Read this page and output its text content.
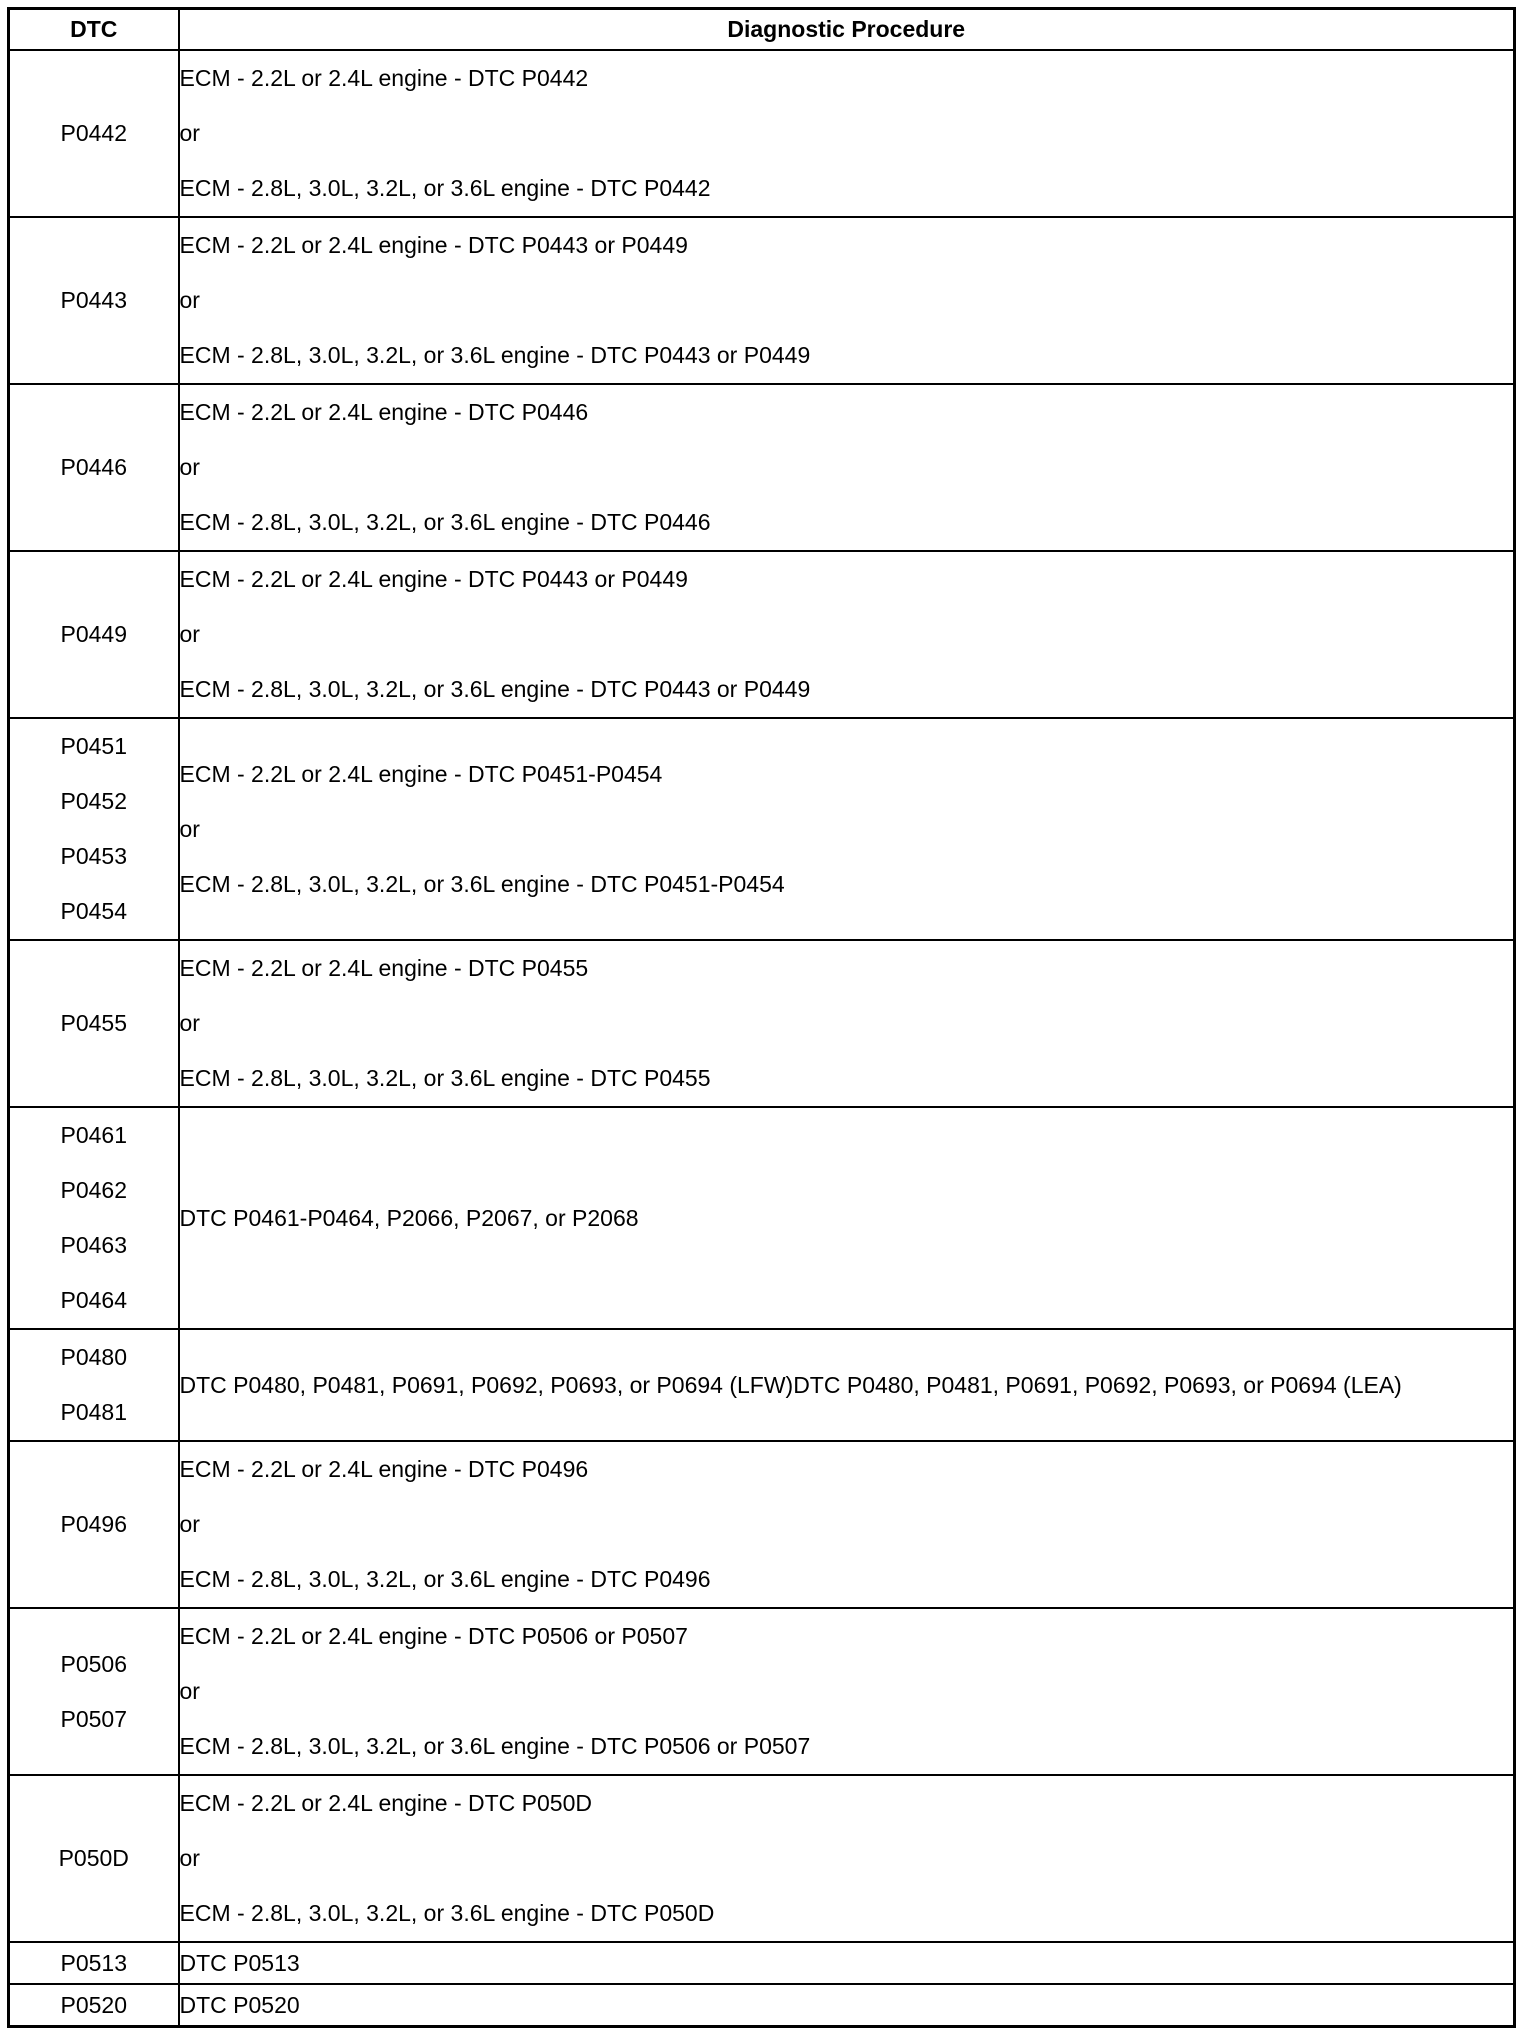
DTC	Diagnostic Procedure

P0442	ECM - 2.2L or 2.4L engine - DTC P0442
or
ECM - 2.8L, 3.0L, 3.2L, or 3.6L engine - DTC P0442

P0443	ECM - 2.2L or 2.4L engine - DTC P0443 or P0449
or
ECM - 2.8L, 3.0L, 3.2L, or 3.6L engine - DTC P0443 or P0449

P0446	ECM - 2.2L or 2.4L engine - DTC P0446
or
ECM - 2.8L, 3.0L, 3.2L, or 3.6L engine - DTC P0446

P0449	ECM - 2.2L or 2.4L engine - DTC P0443 or P0449
or
ECM - 2.8L, 3.0L, 3.2L, or 3.6L engine - DTC P0443 or P0449

P0451
P0452
P0453
P0454	ECM - 2.2L or 2.4L engine - DTC P0451-P0454
or
ECM - 2.8L, 3.0L, 3.2L, or 3.6L engine - DTC P0451-P0454

P0455	ECM - 2.2L or 2.4L engine - DTC P0455
or
ECM - 2.8L, 3.0L, 3.2L, or 3.6L engine - DTC P0455

P0461
P0462
P0463
P0464	DTC P0461-P0464, P2066, P2067, or P2068

P0480
P0481	DTC P0480, P0481, P0691, P0692, P0693, or P0694 (LFW)DTC P0480, P0481, P0691, P0692, P0693, or P0694 (LEA)

P0496	ECM - 2.2L or 2.4L engine - DTC P0496
or
ECM - 2.8L, 3.0L, 3.2L, or 3.6L engine - DTC P0496

P0506
P0507	ECM - 2.2L or 2.4L engine - DTC P0506 or P0507
or
ECM - 2.8L, 3.0L, 3.2L, or 3.6L engine - DTC P0506 or P0507

P050D	ECM - 2.2L or 2.4L engine - DTC P050D
or
ECM - 2.8L, 3.0L, 3.2L, or 3.6L engine - DTC P050D

P0513	DTC P0513

P0520	DTC P0520
